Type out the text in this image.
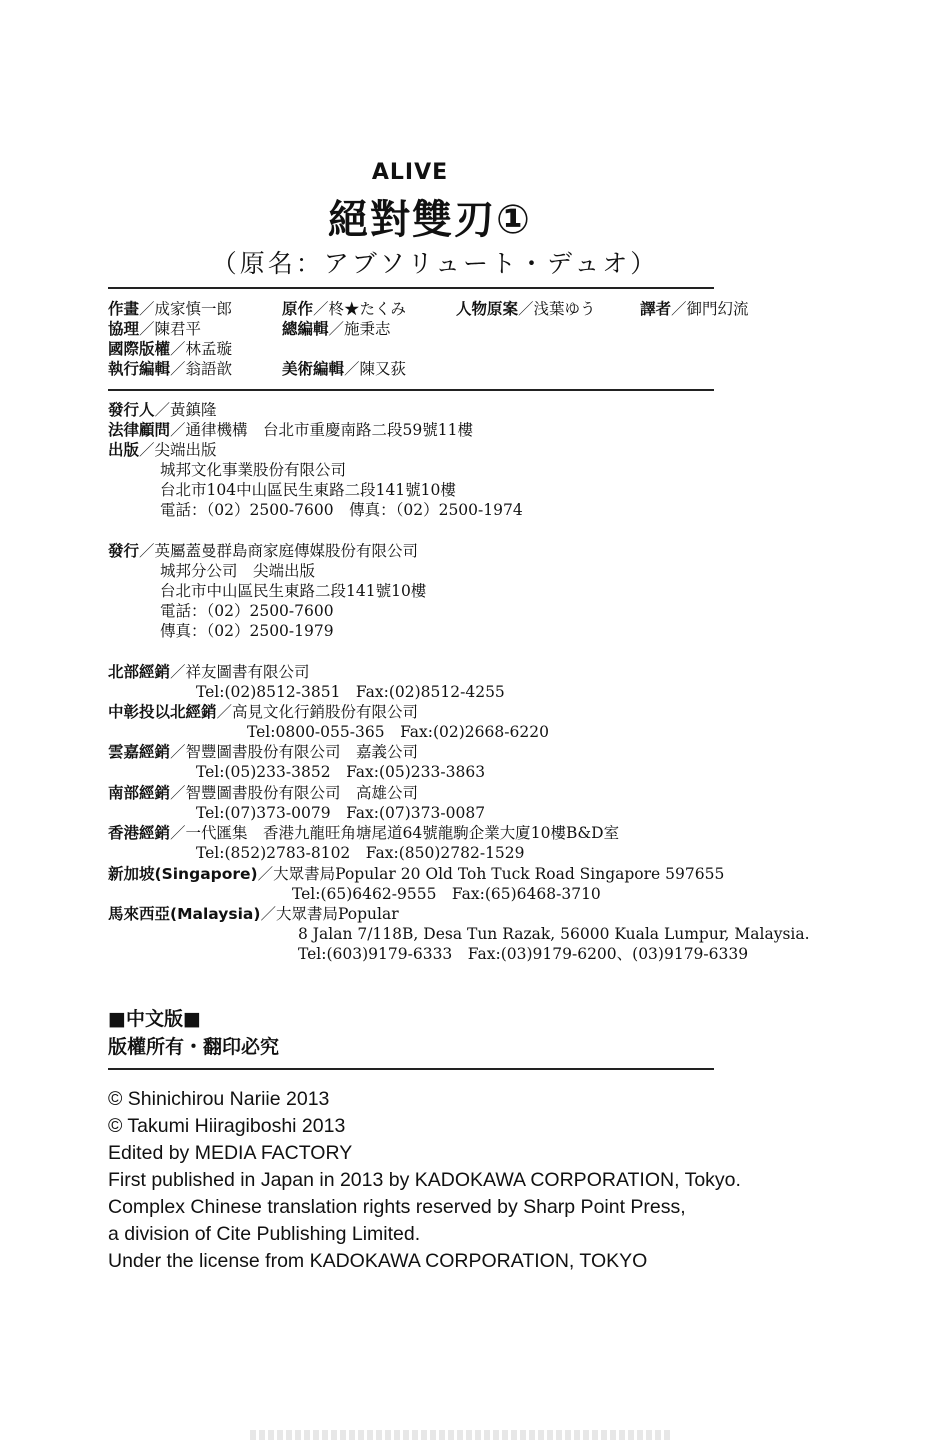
ALIVE
絕對雙刃①
（原名：アブソリュート・デュオ）
作畫／成家慎一郎	原作／柊★たくみ	人物原案／浅葉ゆう	譯者／御門幻流
協理／陳君平	總編輯／施秉志
國際版權／林孟璇
執行編輯／翁語歆	美術編輯／陳又荻
發行人／黃鎮隆
法律顧問／通律機構　台北市重慶南路二段59號11樓
出版／尖端出版
城邦文化事業股份有限公司
台北市104中山區民生東路二段141號10樓
電話：（02）2500-7600　傳真：（02）2500-1974
發行／英屬蓋曼群島商家庭傳媒股份有限公司
城邦分公司　尖端出版
台北市中山區民生東路二段141號10樓
電話：（02）2500-7600
傳真：（02）2500-1979
北部經銷／祥友圖書有限公司
Tel:(02)8512-3851　Fax:(02)8512-4255
中彰投以北經銷／高見文化行銷股份有限公司
Tel:0800-055-365　Fax:(02)2668-6220
雲嘉經銷／智豐圖書股份有限公司　嘉義公司
Tel:(05)233-3852　Fax:(05)233-3863
南部經銷／智豐圖書股份有限公司　高雄公司
Tel:(07)373-0079　Fax:(07)373-0087
香港經銷／一代匯集　香港九龍旺角塘尾道64號龍駒企業大廈10樓B&D室
Tel:(852)2783-8102　Fax:(850)2782-1529
新加坡(Singapore)／大眾書局Popular 20 Old Toh Tuck Road Singapore 597655
Tel:(65)6462-9555　Fax:(65)6468-3710
馬來西亞(Malaysia)／大眾書局Popular
8 Jalan 7/118B, Desa Tun Razak, 56000 Kuala Lumpur, Malaysia.
Tel:(603)9179-6333　Fax:(03)9179-6200、(03)9179-6339
■中文版■
版權所有・翻印必究
© Shinichirou Nariie 2013
© Takumi Hiiragiboshi 2013
Edited by MEDIA FACTORY
First published in Japan in 2013 by KADOKAWA CORPORATION, Tokyo.
Complex Chinese translation rights reserved by Sharp Point Press,
a division of Cite Publishing Limited.
Under the license from KADOKAWA CORPORATION, TOKYO
